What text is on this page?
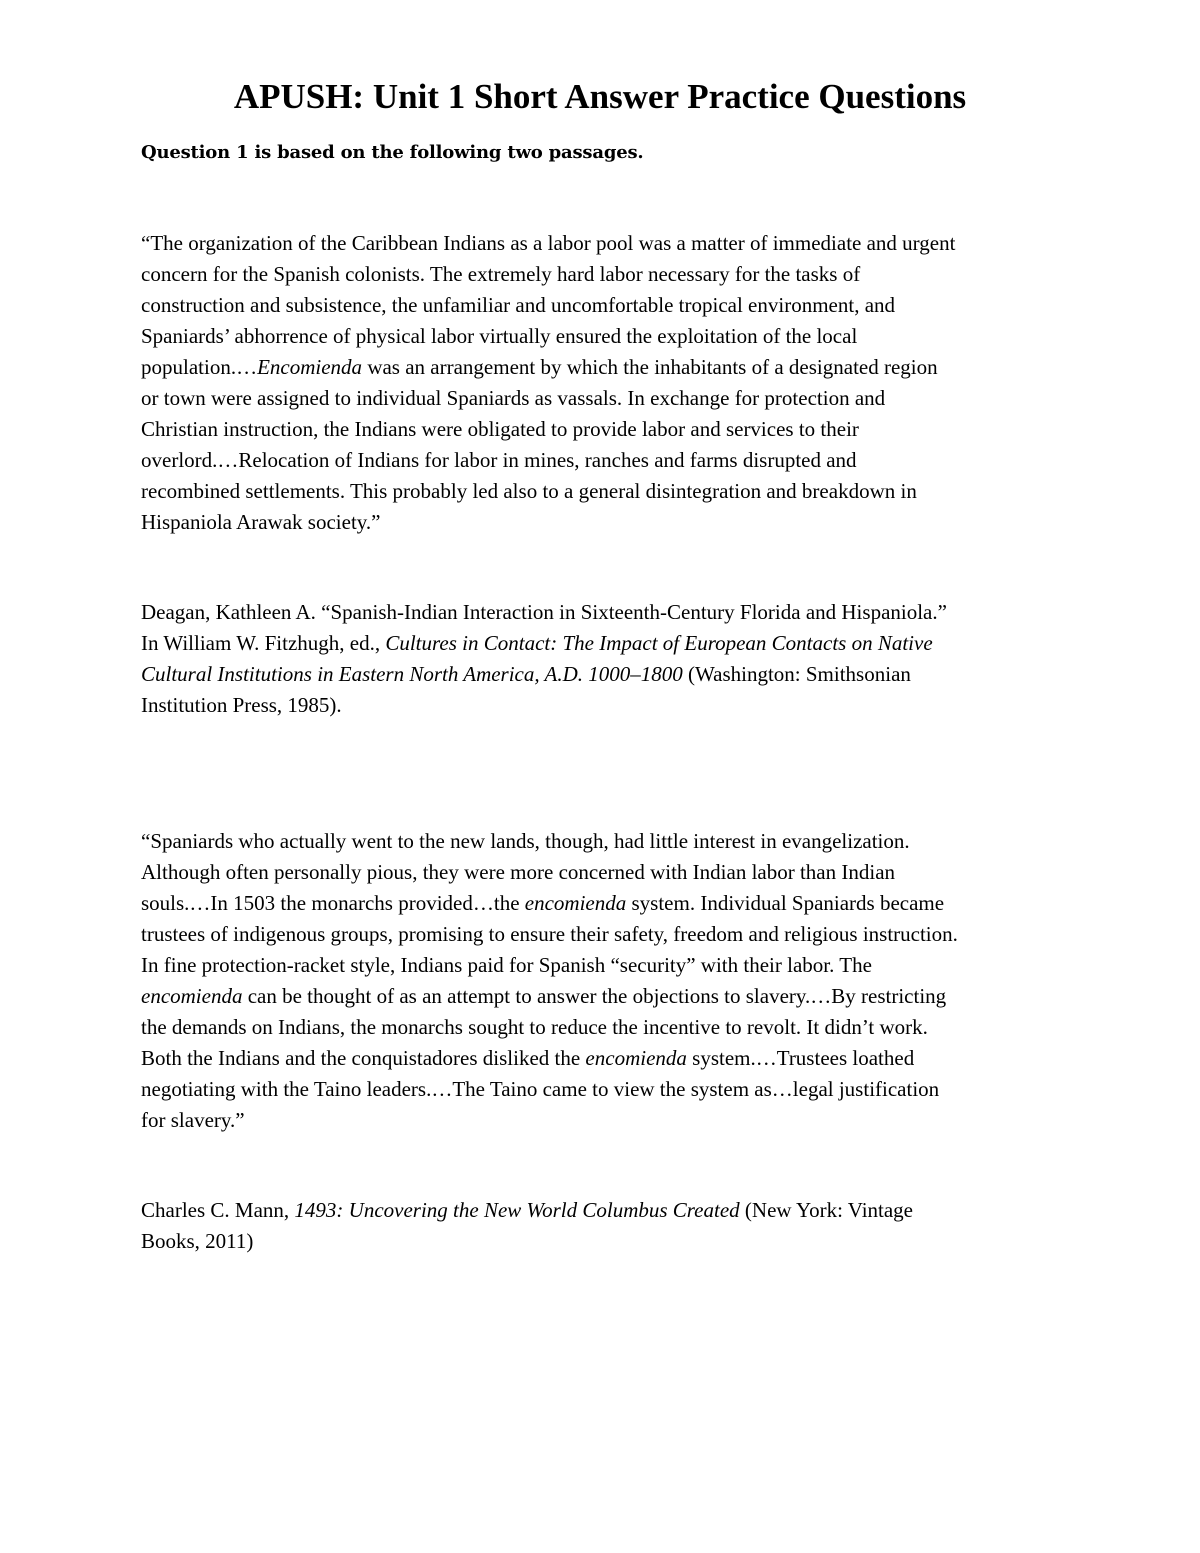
APUSH: Unit 1 Short Answer Practice Questions

Question 1 is based on the following two passages.

“The organization of the Caribbean Indians as a labor pool was a matter of immediate and urgent
concern for the Spanish colonists. The extremely hard labor necessary for the tasks of
construction and subsistence, the unfamiliar and uncomfortable tropical environment, and
Spaniards’ abhorrence of physical labor virtually ensured the exploitation of the local
population.…Encomienda was an arrangement by which the inhabitants of a designated region
or town were assigned to individual Spaniards as vassals. In exchange for protection and
Christian instruction, the Indians were obligated to provide labor and services to their
overlord.…Relocation of Indians for labor in mines, ranches and farms disrupted and
recombined settlements. This probably led also to a general disintegration and breakdown in
Hispaniola Arawak society.”
Deagan, Kathleen A. “Spanish-Indian Interaction in Sixteenth-Century Florida and Hispaniola.”
In William W. Fitzhugh, ed., Cultures in Contact: The Impact of European Contacts on Native
Cultural Institutions in Eastern North America, A.D. 1000–1800 (Washington: Smithsonian
Institution Press, 1985).
“Spaniards who actually went to the new lands, though, had little interest in evangelization.
Although often personally pious, they were more concerned with Indian labor than Indian
souls.…In 1503 the monarchs provided…the encomienda system. Individual Spaniards became
trustees of indigenous groups, promising to ensure their safety, freedom and religious instruction.
In fine protection-racket style, Indians paid for Spanish “security” with their labor. The
encomienda can be thought of as an attempt to answer the objections to slavery.…By restricting
the demands on Indians, the monarchs sought to reduce the incentive to revolt. It didn’t work.
Both the Indians and the conquistadores disliked the encomienda system.…Trustees loathed
negotiating with the Taino leaders.…The Taino came to view the system as…legal justification
for slavery.”
Charles C. Mann, 1493: Uncovering the New World Columbus Created (New York: Vintage
Books, 2011)
